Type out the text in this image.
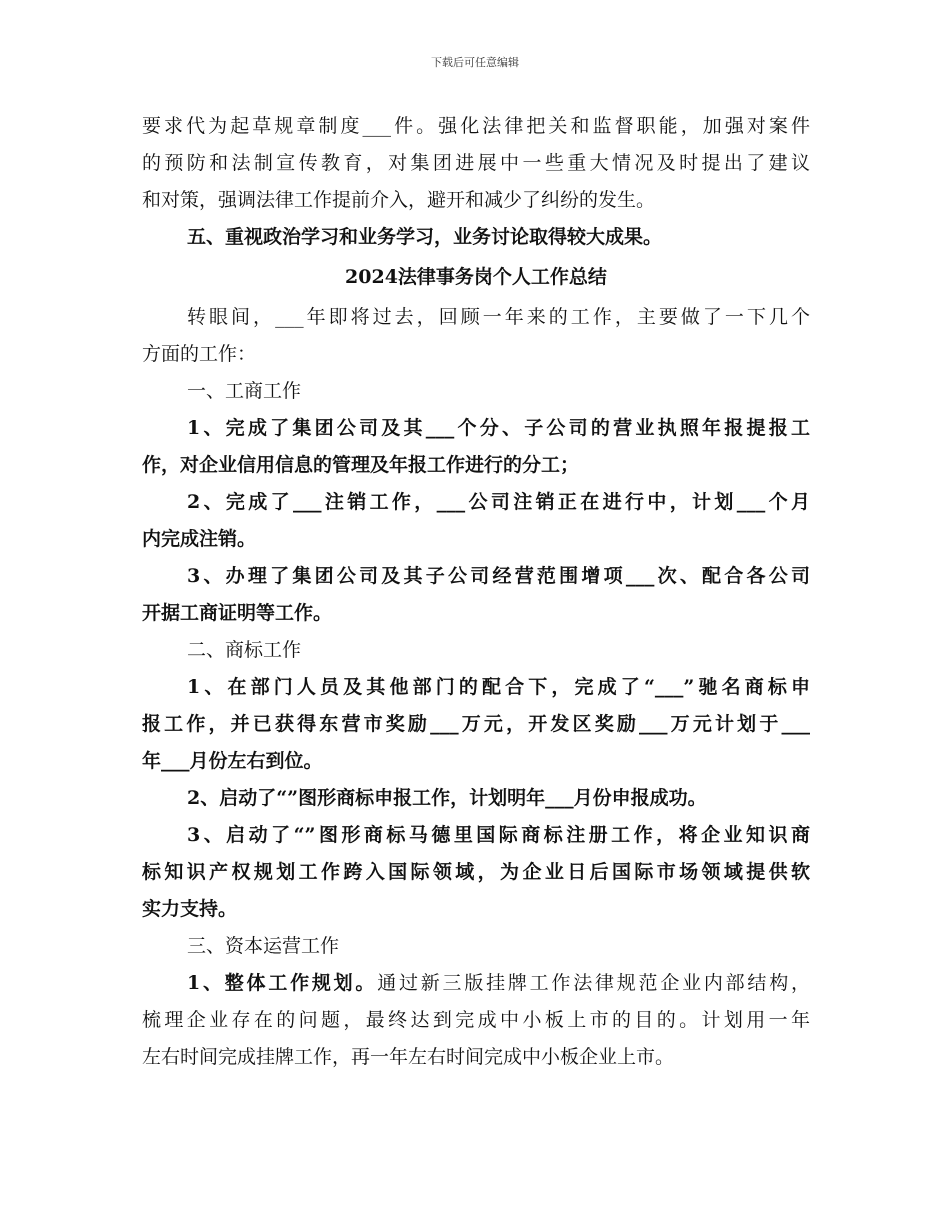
下载后可任意编辑
要求代为起草规章制度___件。强化法律把关和监督职能，加强对案件
的预防和法制宣传教育，对集团进展中一些重大情况及时提出了建议
和对策，强调法律工作提前介入，避开和减少了纠纷的发生。
五、重视政治学习和业务学习，业务讨论取得较大成果。
2024法律事务岗个人工作总结
转眼间，___年即将过去，回顾一年来的工作，主要做了一下几个
方面的工作：
一、工商工作
1、完成了集团公司及其___个分、子公司的营业执照年报提报工
作，对企业信用信息的管理及年报工作进行的分工；
2、完成了___注销工作，___公司注销正在进行中，计划___个月
内完成注销。
3、办理了集团公司及其子公司经营范围增项___次、配合各公司
开据工商证明等工作。
二、商标工作
1、在部门人员及其他部门的配合下，完成了“___”驰名商标申
报工作，并已获得东营市奖励___万元，开发区奖励___万元计划于___
年___月份左右到位。
2、启动了“”图形商标申报工作，计划明年___月份申报成功。
3、启动了“”图形商标马德里国际商标注册工作，将企业知识商
标知识产权规划工作跨入国际领域，为企业日后国际市场领域提供软
实力支持。
三、资本运营工作
1、整体工作规划。通过新三版挂牌工作法律规范企业内部结构，
梳理企业存在的问题，最终达到完成中小板上市的目的。计划用一年
左右时间完成挂牌工作，再一年左右时间完成中小板企业上市。
